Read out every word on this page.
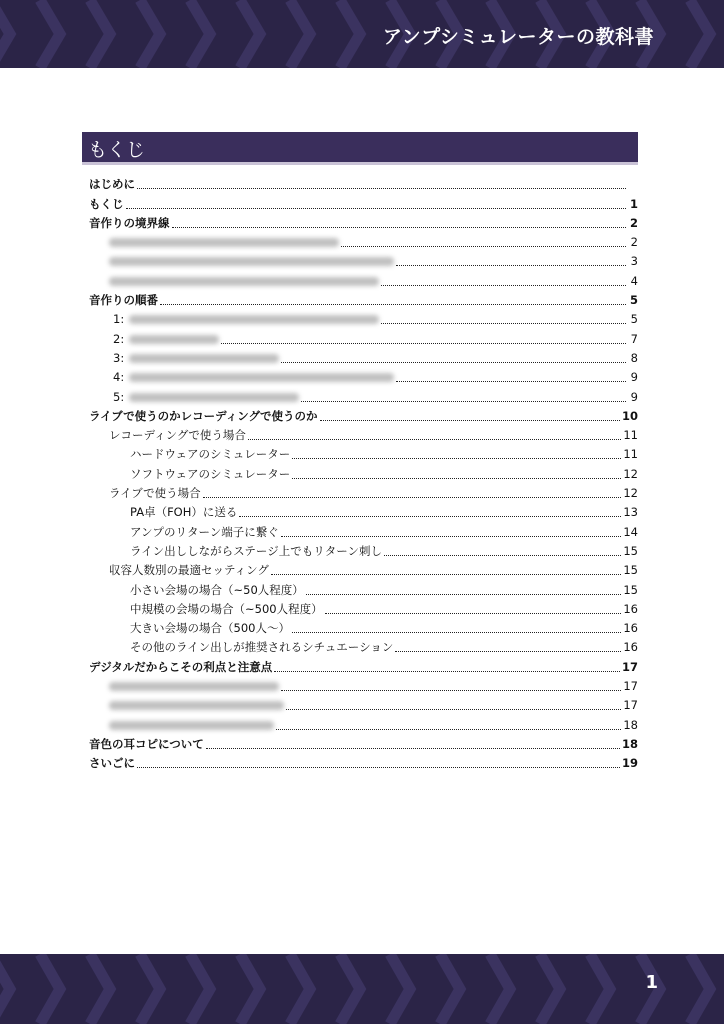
アンプシミュレーターの教科書
もくじ
はじめに
もくじ	1
音作りの境界線	2
2
3
4
音作りの順番	5
1:	5
2:	7
3:	8
4:	9
5:	9
ライブで使うのかレコーディングで使うのか	10
レコーディングで使う場合	11
ハードウェアのシミュレーター	11
ソフトウェアのシミュレーター	12
ライブで使う場合	12
PA卓（FOH）に送る	13
アンプのリターン端子に繋ぐ	14
ライン出ししながらステージ上でもリターン刺し	15
収容人数別の最適セッティング	15
小さい会場の場合（~50人程度）	15
中規模の会場の場合（~500人程度）	16
大きい会場の場合（500人～）	16
その他のライン出しが推奨されるシチュエーション	16
デジタルだからこその利点と注意点	17
17
17
18
音色の耳コピについて	18
さいごに	19
1
